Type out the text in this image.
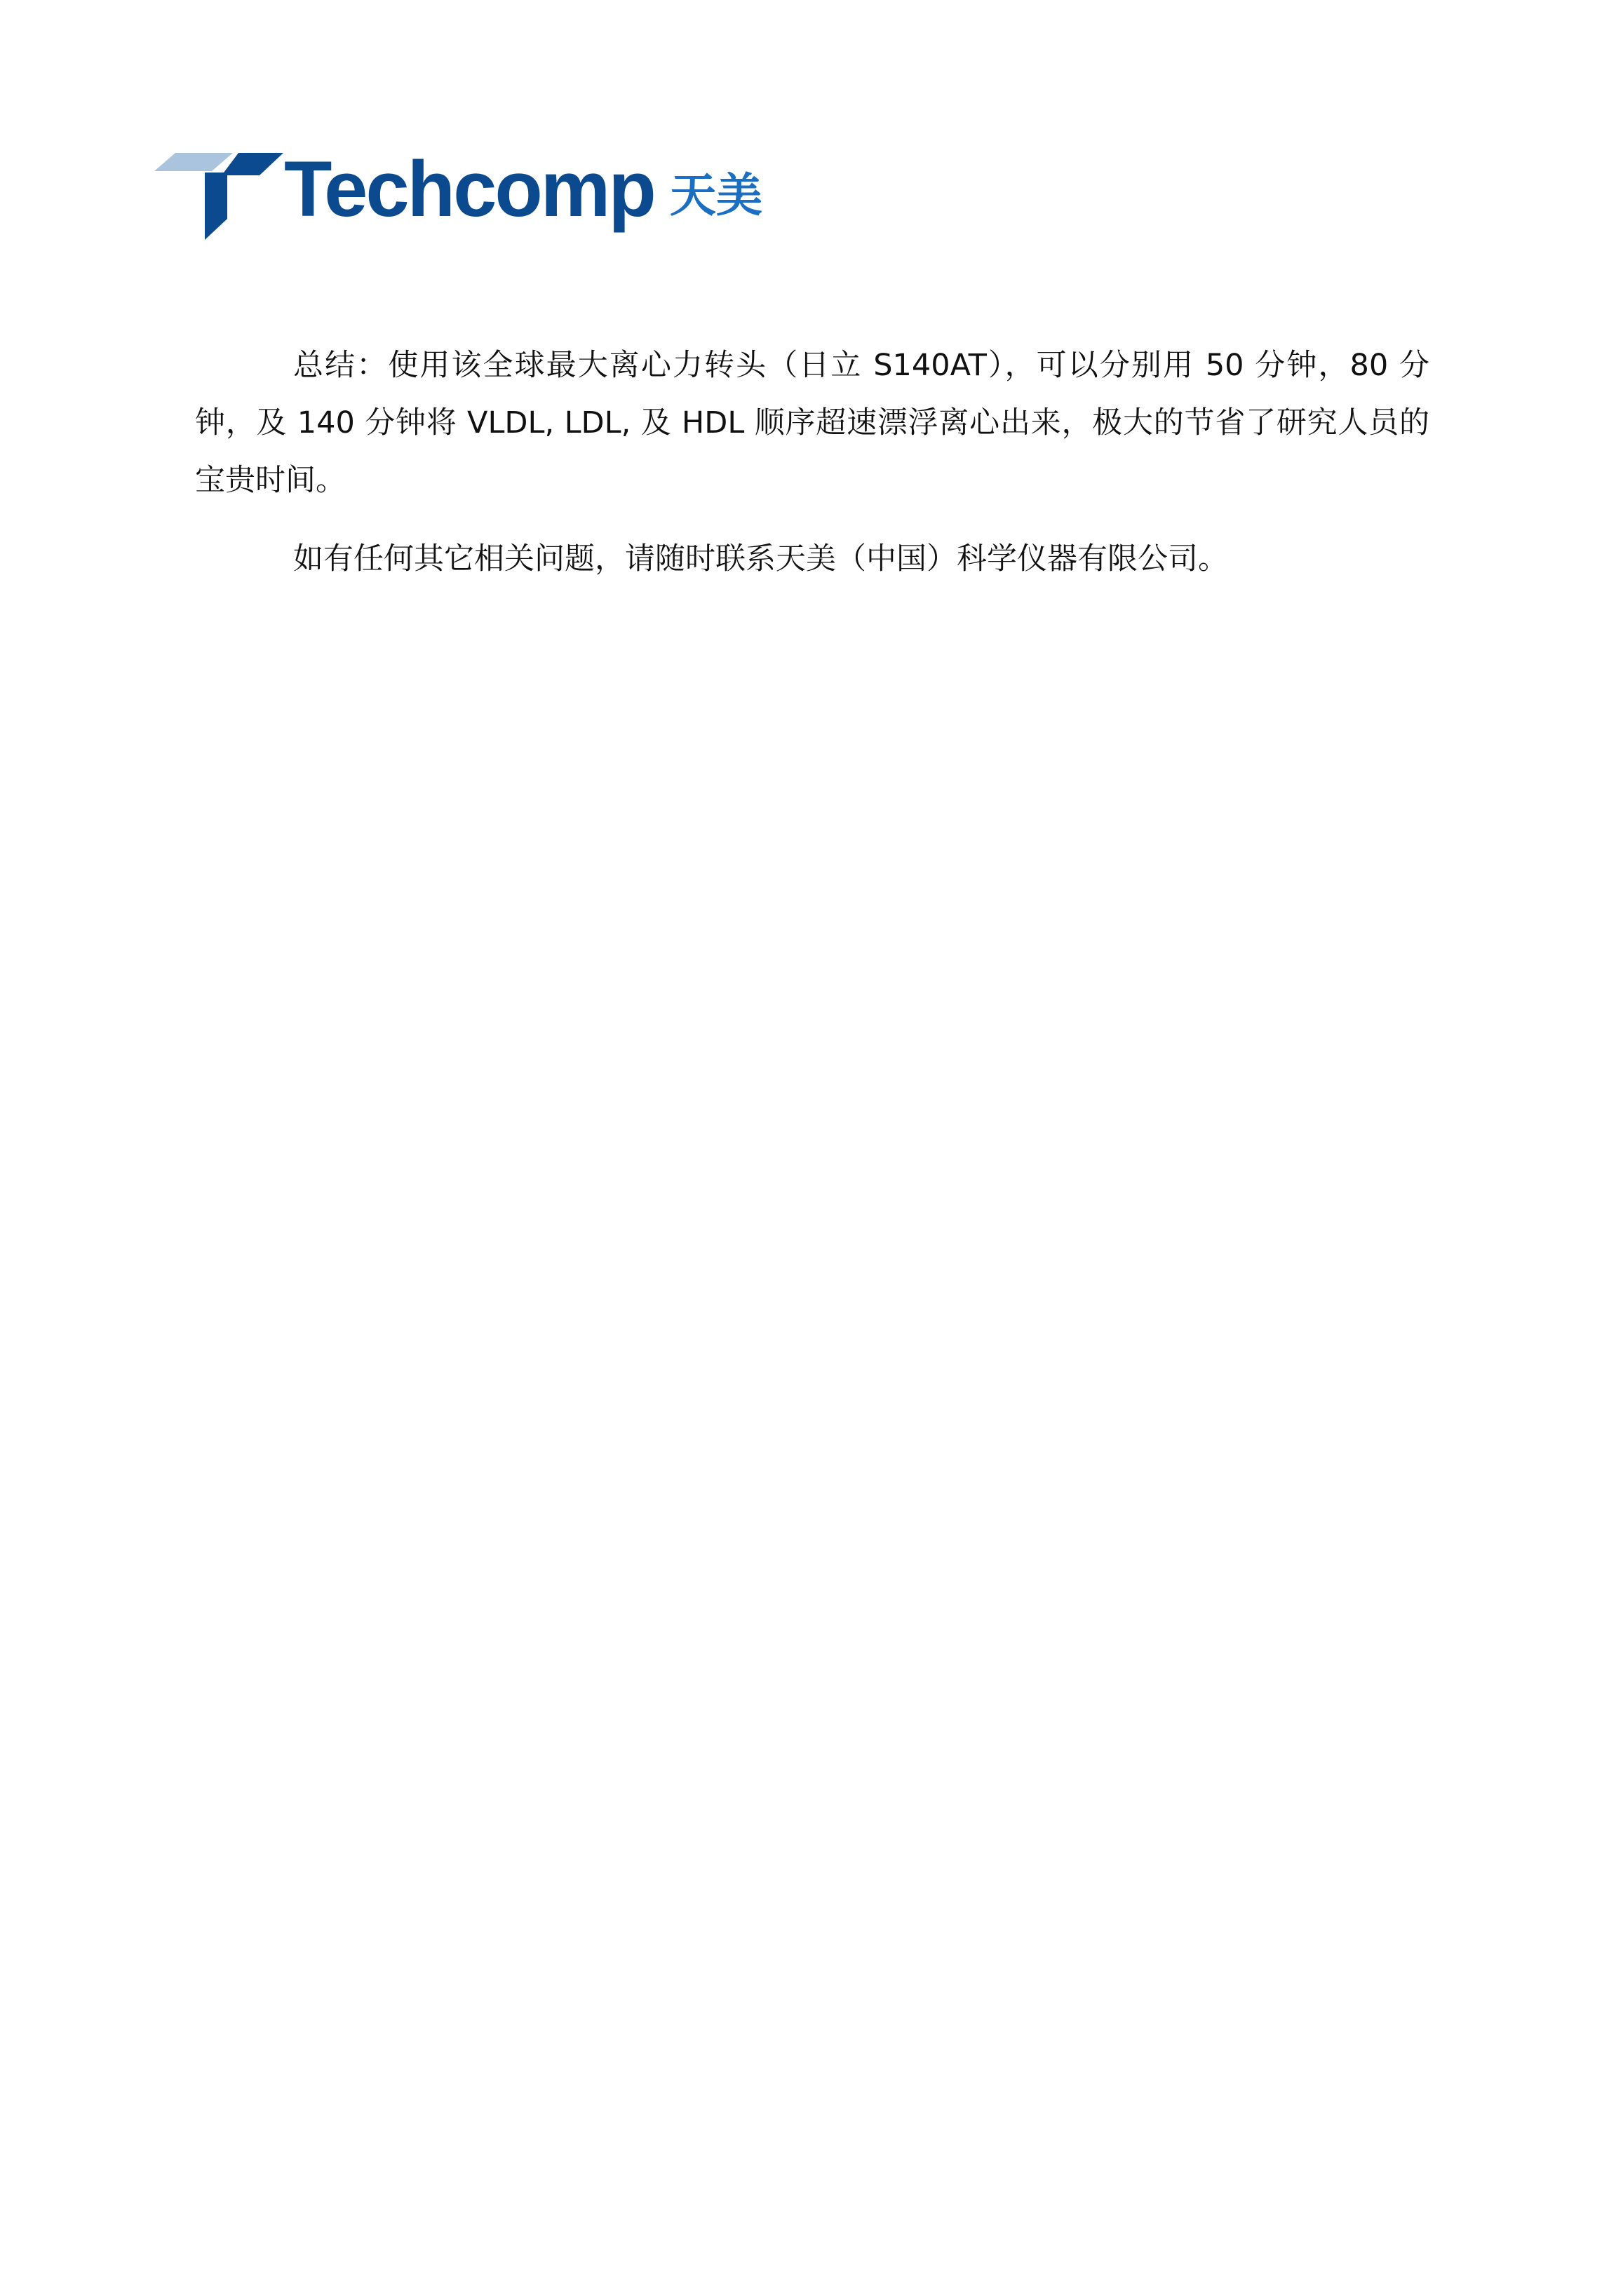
Techcomp 天美

总结：使用该全球最大离心力转头（日立 S140AT），可以分别用 50 分钟，80 分钟，及 140 分钟将 VLDL, LDL, 及 HDL 顺序超速漂浮离心出来，极大的节省了研究人员的宝贵时间。

如有任何其它相关问题，请随时联系天美（中国）科学仪器有限公司。
